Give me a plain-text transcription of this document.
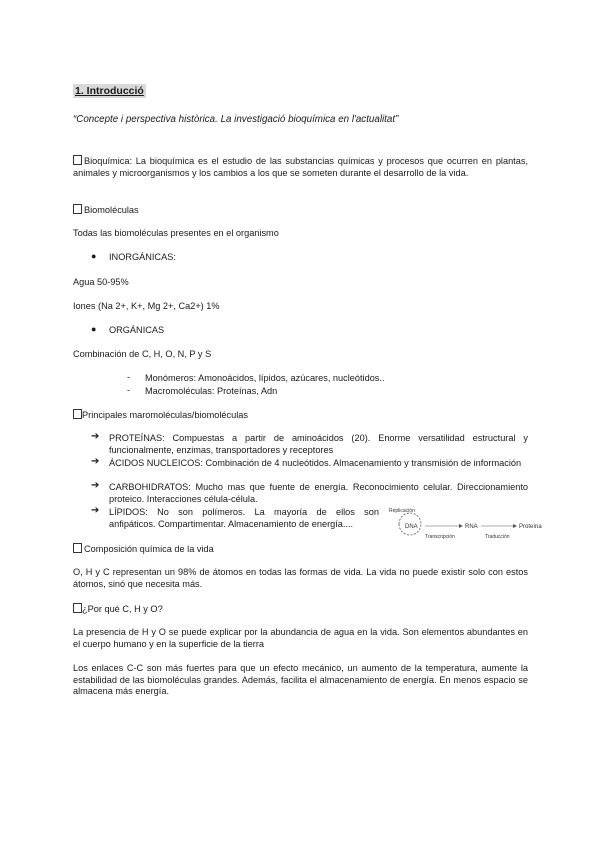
1. Introducció
“Concepte i perspectiva històrica. La investigació bioquímica en l'actualitat”
Bioquímica: La bioquímica es el estudio de las substancias químicas y procesos que ocurren en plantas, animales y microorganismos y los cambios a los que se someten durante el desarrollo de la vida.
Biomoléculas
Todas las biomoléculas presentes en el organismo
● INORGÁNICAS:
Agua 50-95%
Iones (Na 2+, K+, Mg 2+, Ca2+) 1%
● ORGÁNICAS
Combinación de C, H, O, N, P y S
- Monómeros: Amonoácidos, lípidos, azúcares, nucleótidos..
- Macromoléculas: Proteínas, Adn
Principales maromoléculas/biomoléculas
➔ PROTEÍNAS: Compuestas a partir de aminoácidos (20). Enorme versatilidad estructural y funcionalmente, enzimas, transportadores y receptores
➔ ÁCIDOS NUCLEICOS: Combinación de 4 nucleótidos. Almacenamiento y transmisión de información
➔ CARBOHIDRATOS: Mucho mas que fuente de energía. Reconocimiento celular. Direccionamiento proteico. Interacciones célula-célula.
➔ LÍPIDOS: No son polímeros. La mayoría de ellos son
anfipáticos. Compartimentar. Almacenamiento de energía....
Replicación
DNA	RNA	Proteína
Transcripción	Traducción
Composición química de la vida
O, H y C representan un 98% de átomos en todas las formas de vida. La vida no puede existir solo con estos átomos, sinó que necesita más.
¿Por qué C, H y O?
La presencia de H y O se puede explicar por la abundancia de agua en la vida. Son elementos abundantes en el cuerpo humano y en la superficie de la tierra
Los enlaces C-C son más fuertes para que un efecto mecánico, un aumento de la temperatura, aumente la estabilidad de las biomoléculas grandes. Además, facilita el almacenamiento de energía. En menos espacio se almacena más energía.
